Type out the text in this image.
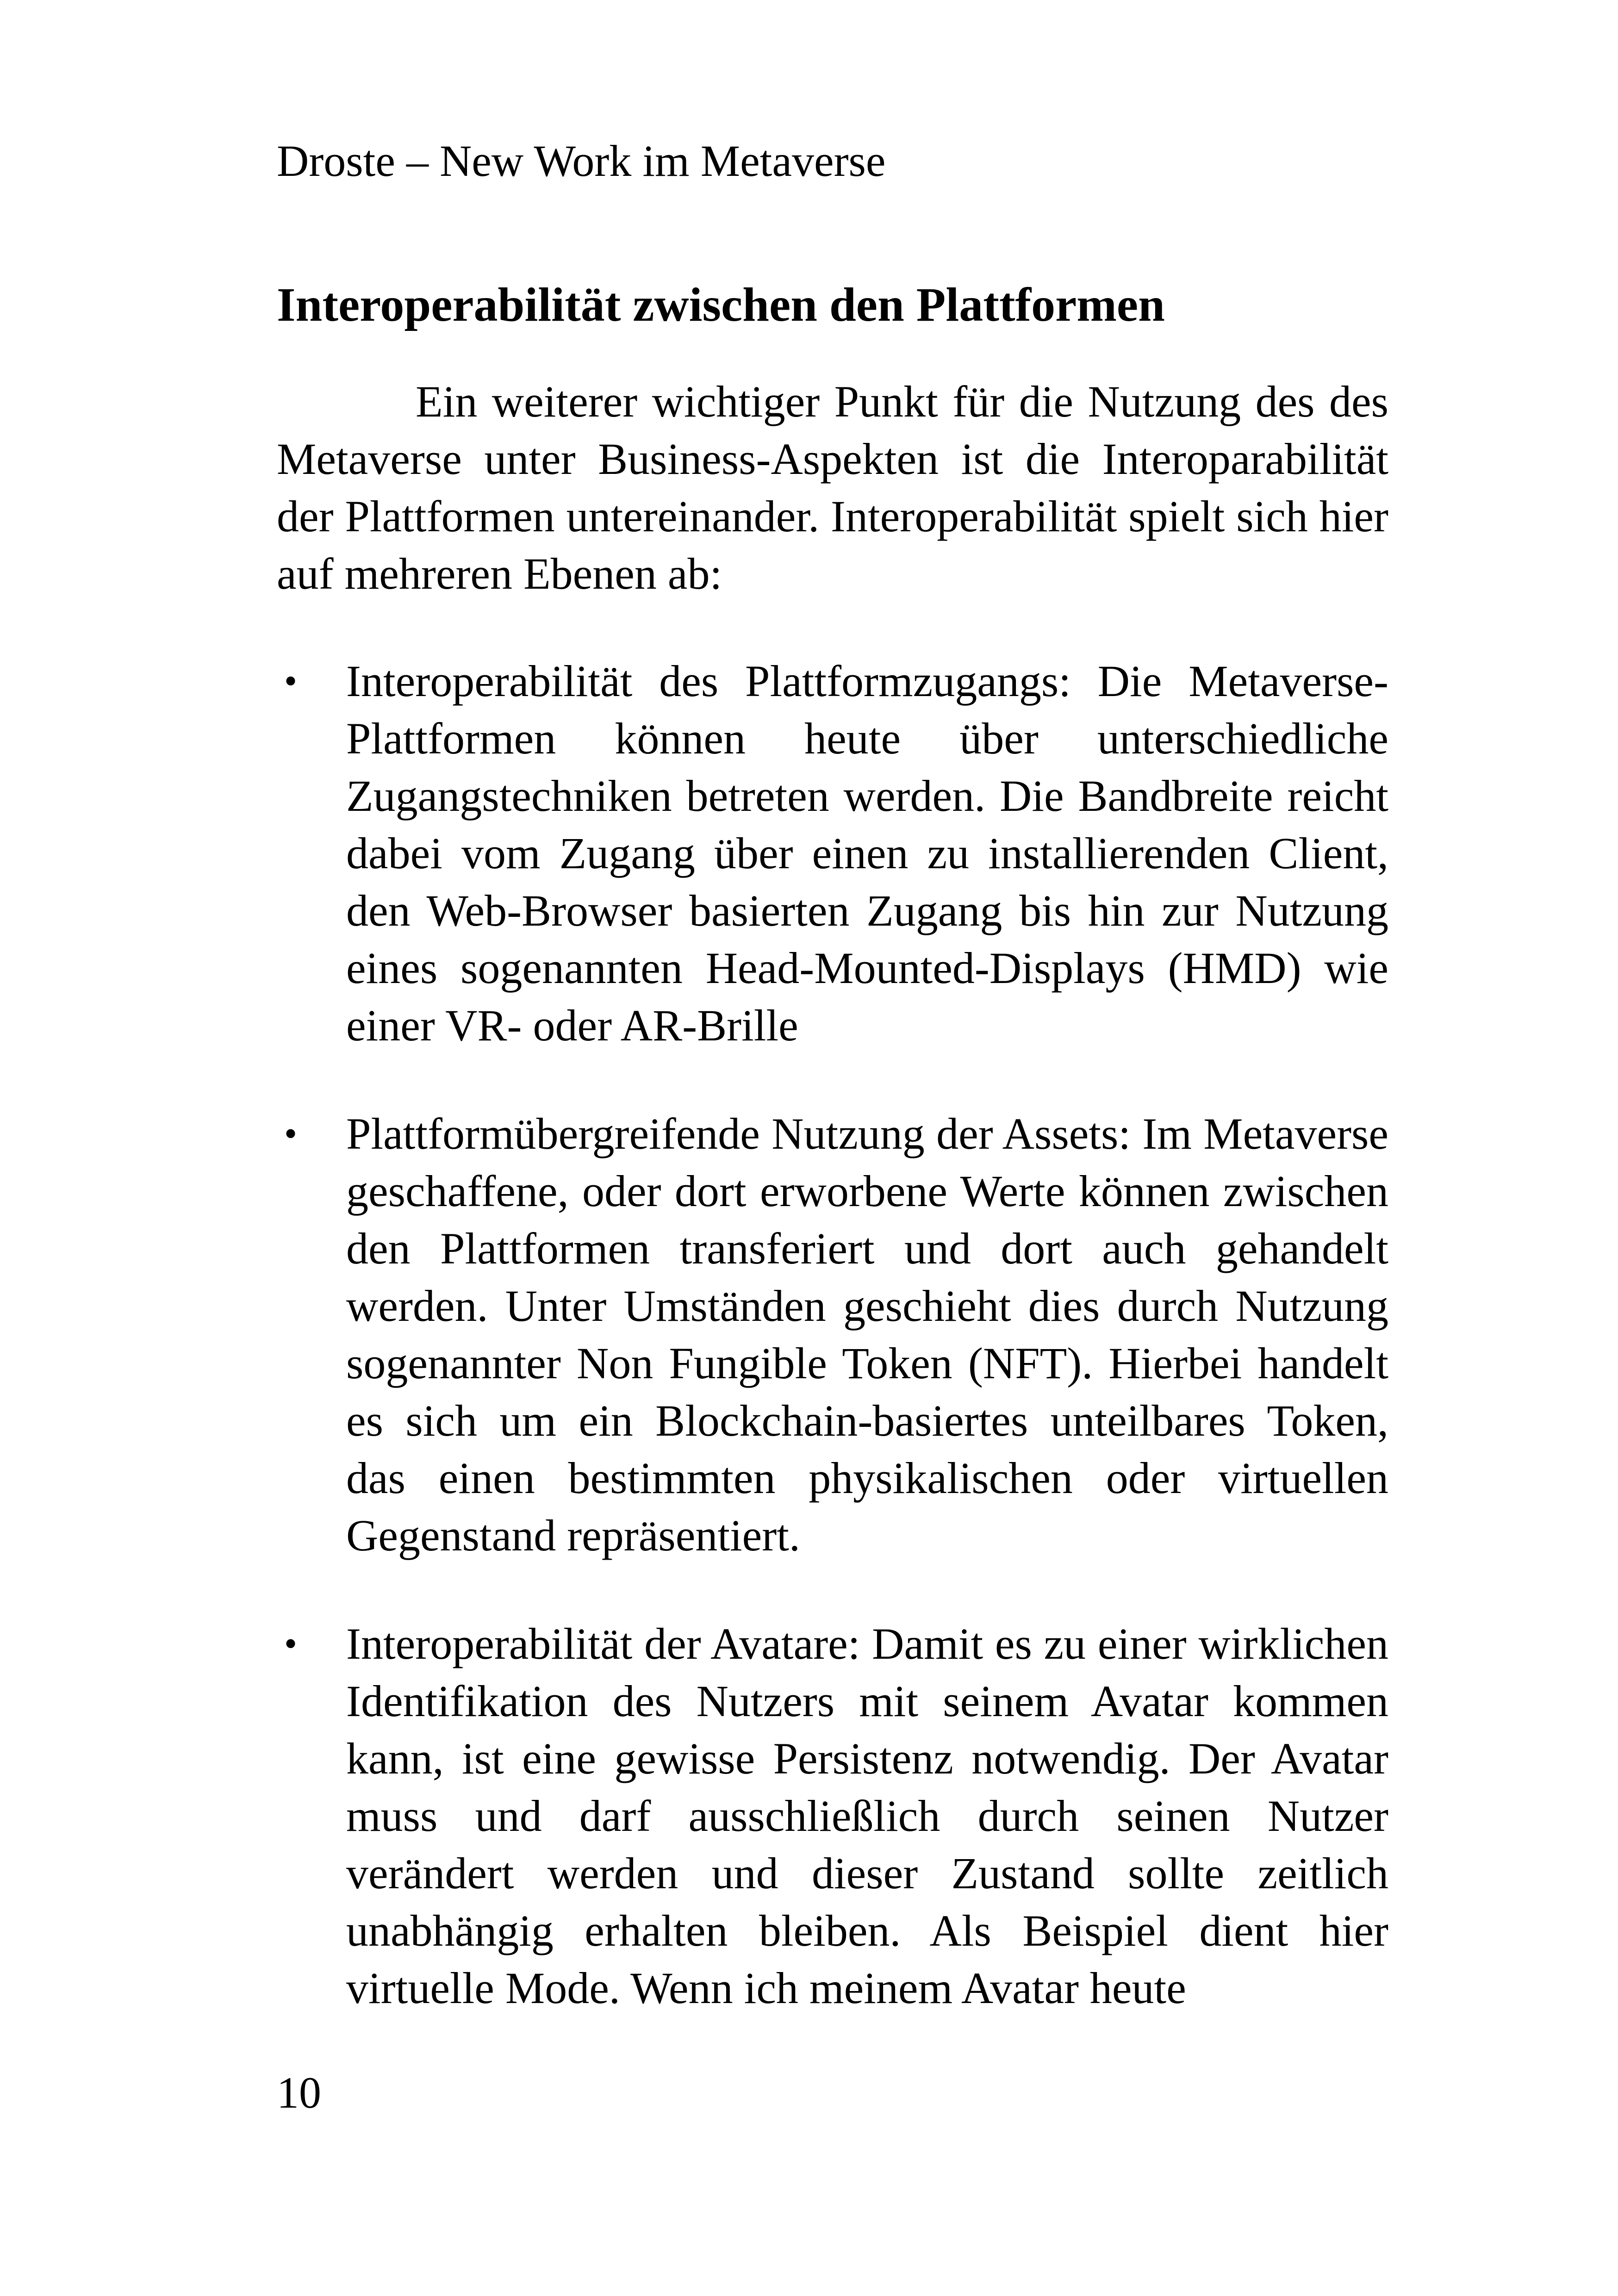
Droste – New Work im Metaverse
Interoperabilität zwischen den Plattformen

Ein weiterer wichtiger Punkt für die Nutzung des des Metaverse unter Business-Aspekten ist die Interoparabilität der Plattformen untereinander. Interoperabilität spielt sich hier auf mehreren Ebenen ab:

• Interoperabilität des Plattformzugangs: Die Metaverse-Plattformen können heute über unterschiedliche Zugangstechniken betreten werden. Die Bandbreite reicht dabei vom Zugang über einen zu installierenden Client, den Web-Browser basierten Zugang bis hin zur Nutzung eines sogenannten Head-Mounted-Displays (HMD) wie einer VR- oder AR-Brille
• Plattformübergreifende Nutzung der Assets: Im Metaverse geschaffene, oder dort erworbene Werte können zwischen den Plattformen transferiert und dort auch gehandelt werden. Unter Umständen geschieht dies durch Nutzung sogenannter Non Fungible Token (NFT). Hierbei handelt es sich um ein Blockchain-basiertes unteilbares Token, das einen bestimmten physikalischen oder virtuellen Gegenstand repräsentiert.
• Interoperabilität der Avatare: Damit es zu einer wirklichen Identifikation des Nutzers mit seinem Avatar kommen kann, ist eine gewisse Persistenz notwendig. Der Avatar muss und darf ausschließlich durch seinen Nutzer verändert werden und dieser Zustand sollte zeitlich unabhängig erhalten bleiben. Als Beispiel dient hier virtuelle Mode. Wenn ich meinem Avatar heute
10
